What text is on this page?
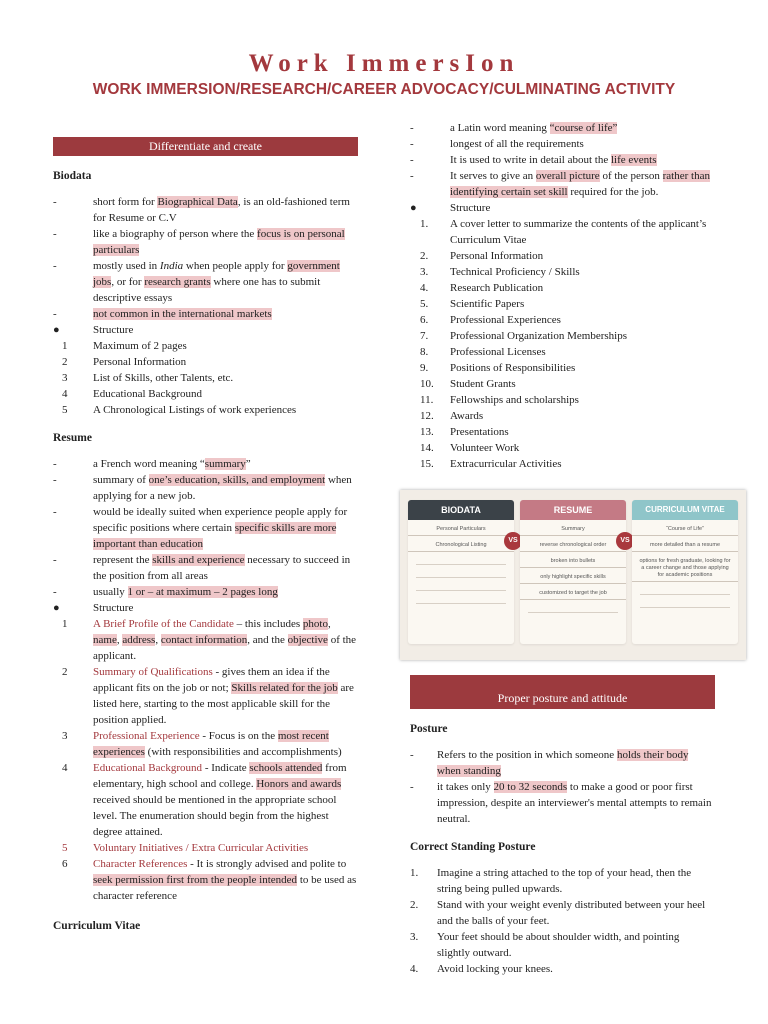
Work ImmersIon
WORK IMMERSION/RESEARCH/CAREER ADVOCACY/CULMINATING ACTIVITY
Differentiate and create

Biodata

-	short form for Biographical Data, is an old-fashioned term for Resume or C.V
-	like a biography of person where the focus is on personal particulars
-	mostly used in India when people apply for government jobs, or for research grants where one has to submit descriptive essays
-	not common in the international markets
●	Structure
1 Maximum of 2 pages
2 Personal Information
3 List of Skills, other Talents, etc.
4 Educational Background
5 A Chronological Listings of work experiences

Resume

-	a French word meaning “summary”
-	summary of one’s education, skills, and employment when applying for a new job.
-	would be ideally suited when experience people apply for specific positions where certain specific skills are more important than education
-	represent the skills and experience necessary to succeed in the position from all areas
-	usually 1 or – at maximum – 2 pages long
●	Structure
1 A Brief Profile of the Candidate – this includes photo, name, address, contact information, and the objective of the applicant.
2 Summary of Qualifications - gives them an idea if the applicant fits on the job or not; Skills related for the job are listed here, starting to the most applicable skill for the position applied.
3 Professional Experience - Focus is on the most recent experiences (with responsibilities and accomplishments)
4 Educational Background - Indicate schools attended from elementary, high school and college. Honors and awards received should be mentioned in the appropriate school level. The enumeration should begin from the highest degree attained.
5 Voluntary Initiatives / Extra Curricular Activities
6 Character References - It is strongly advised and polite to seek permission first from the people intended to be used as character reference

Curriculum Vitae

-	a Latin word meaning “course of life”
-	longest of all the requirements
-	It is used to write in detail about the life events
-	It serves to give an overall picture of the person rather than identifying certain set skill required for the job.
●	Structure
1. A cover letter to summarize the contents of the applicant’s Curriculum Vitae
2. Personal Information
3. Technical Proficiency / Skills
4. Research Publication
5. Scientific Papers
6. Professional Experiences
7. Professional Organization Memberships
8. Professional Licenses
9. Positions of Responsibilities
10. Student Grants
11. Fellowships and scholarships
12. Awards
13. Presentations
14. Volunteer Work
15. Extracurricular Activities
BIODATA
Personal Particulars
Chronological Listing
VS
RESUME
Summary
reverse chronological order
broken into bullets
only highlight specific skills
customized to target the job
VS
CURRICULUM VITAE
“Course of Life”
more detailed than a resume
options for fresh graduate, looking for a career change and those applying for academic positions
Proper posture and attitude

Posture

- Refers to the position in which someone holds their body when standing
- it takes only 20 to 32 seconds to make a good or poor first impression, despite an interviewer's mental attempts to remain neutral.

Correct Standing Posture

1. Imagine a string attached to the top of your head, then the string being pulled upwards.
2. Stand with your weight evenly distributed between your heel and the balls of your feet.
3. Your feet should be about shoulder width, and pointing slightly outward.
4. Avoid locking your knees.
